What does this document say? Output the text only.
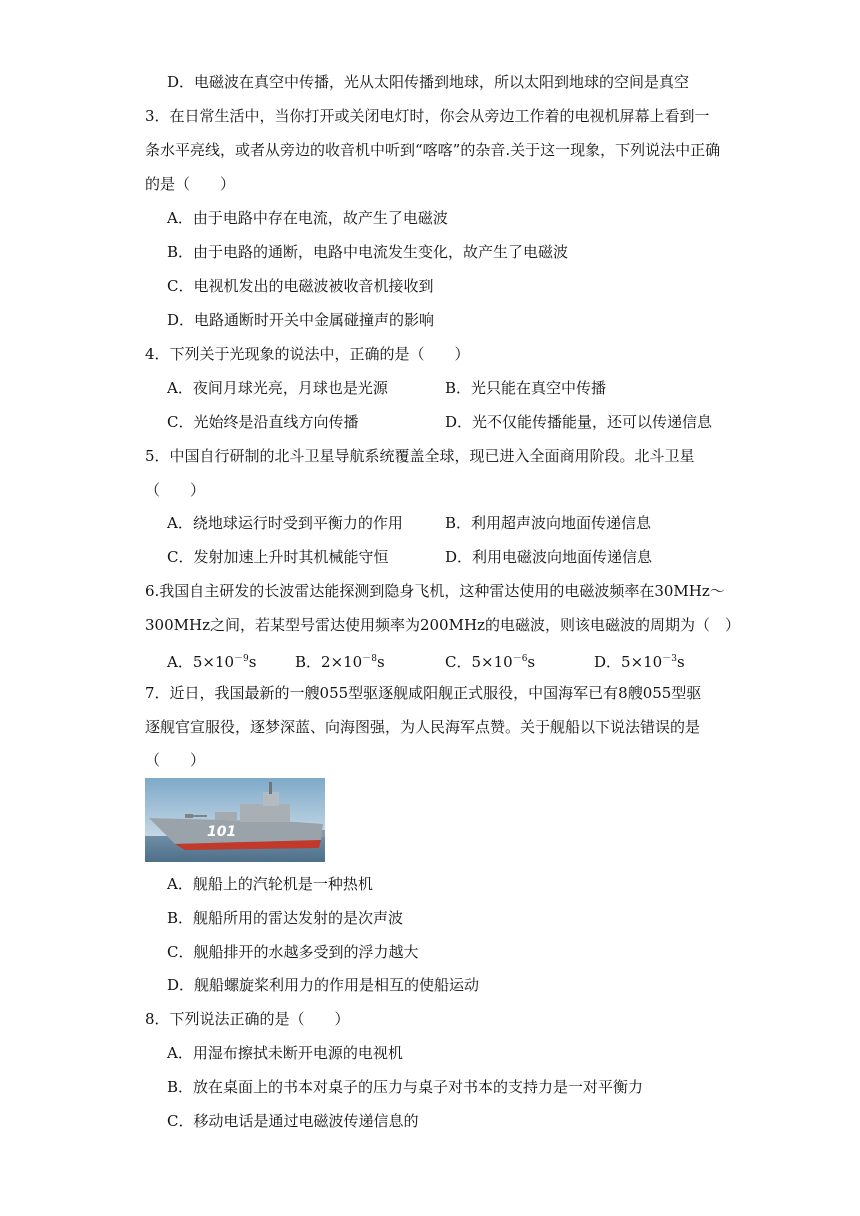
D．电磁波在真空中传播，光从太阳传播到地球，所以太阳到地球的空间是真空
3．在日常生活中，当你打开或关闭电灯时，你会从旁边工作着的电视机屏幕上看到一
条水平亮线，或者从旁边的收音机中听到“喀喀”的杂音.关于这一现象，下列说法中正确
的是（　　）
A．由于电路中存在电流，故产生了电磁波
B．由于电路的通断，电路中电流发生变化，故产生了电磁波
C．电视机发出的电磁波被收音机接收到
D．电路通断时开关中金属碰撞声的影响
4．下列关于光现象的说法中，正确的是（　　）
A．夜间月球光亮，月球也是光源	B．光只能在真空中传播
C．光始终是沿直线方向传播	D．光不仅能传播能量，还可以传递信息
5．中国自行研制的北斗卫星导航系统覆盖全球，现已进入全面商用阶段。北斗卫星
（　　）
A．绕地球运行时受到平衡力的作用	B．利用超声波向地面传递信息
C．发射加速上升时其机械能守恒	D．利用电磁波向地面传递信息
6.我国自主研发的长波雷达能探测到隐身飞机，这种雷达使用的电磁波频率在30MHz～
300MHz之间，若某型号雷达使用频率为200MHz的电磁波，则该电磁波的周期为（　）
A．$5\times 10^{-9}s$	B．$2\times 10^{-8}s$	C．$5\times 10^{-6}s$	D．$5\times 10^{-3}s$
7．近日，我国最新的一艘055型驱逐舰咸阳舰正式服役，中国海军已有8艘055型驱
逐舰官宣服役，逐梦深蓝、向海图强，为人民海军点赞。关于舰船以下说法错误的是
（　　）
101
A．舰船上的汽轮机是一种热机
B．舰船所用的雷达发射的是次声波
C．舰船排开的水越多受到的浮力越大
D．舰船螺旋桨利用力的作用是相互的使船运动
8．下列说法正确的是（　　）
A．用湿布擦拭未断开电源的电视机
B．放在桌面上的书本对桌子的压力与桌子对书本的支持力是一对平衡力
C．移动电话是通过电磁波传递信息的
